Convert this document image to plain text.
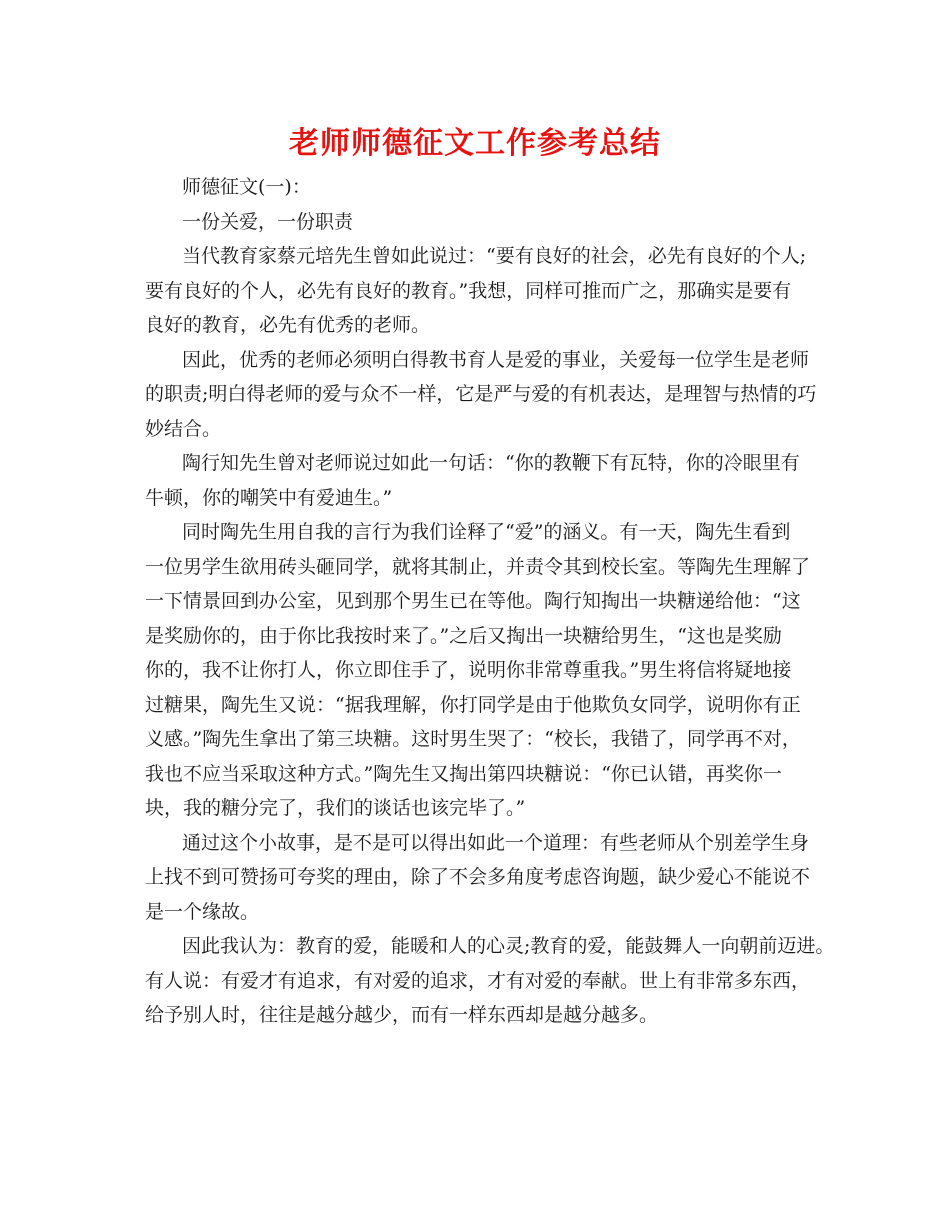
老师师德征文工作参考总结

师德征文(一)：

一份关爱，一份职责

当代教育家蔡元培先生曾如此说过：“要有良好的社会，必先有良好的个人;

要有良好的个人，必先有良好的教育。”我想，同样可推而广之，那确实是要有

良好的教育，必先有优秀的老师。

因此，优秀的老师必须明白得教书育人是爱的事业，关爱每一位学生是老师

的职责;明白得老师的爱与众不一样，它是严与爱的有机表达，是理智与热情的巧

妙结合。

陶行知先生曾对老师说过如此一句话：“你的教鞭下有瓦特，你的冷眼里有

牛顿，你的嘲笑中有爱迪生。”

同时陶先生用自我的言行为我们诠释了“爱”的涵义。有一天，陶先生看到

一位男学生欲用砖头砸同学，就将其制止，并责令其到校长室。等陶先生理解了

一下情景回到办公室，见到那个男生已在等他。陶行知掏出一块糖递给他：“这

是奖励你的，由于你比我按时来了。”之后又掏出一块糖给男生，“这也是奖励

你的，我不让你打人，你立即住手了，说明你非常尊重我。”男生将信将疑地接

过糖果，陶先生又说：“据我理解，你打同学是由于他欺负女同学，说明你有正

义感。”陶先生拿出了第三块糖。这时男生哭了：“校长，我错了，同学再不对，

我也不应当采取这种方式。”陶先生又掏出第四块糖说：“你已认错，再奖你一

块，我的糖分完了，我们的谈话也该完毕了。”

通过这个小故事，是不是可以得出如此一个道理：有些老师从个别差学生身

上找不到可赞扬可夸奖的理由，除了不会多角度考虑咨询题，缺少爱心不能说不

是一个缘故。

因此我认为：教育的爱，能暖和人的心灵;教育的爱，能鼓舞人一向朝前迈进。

有人说：有爱才有追求，有对爱的追求，才有对爱的奉献。世上有非常多东西，

给予别人时，往往是越分越少，而有一样东西却是越分越多。
